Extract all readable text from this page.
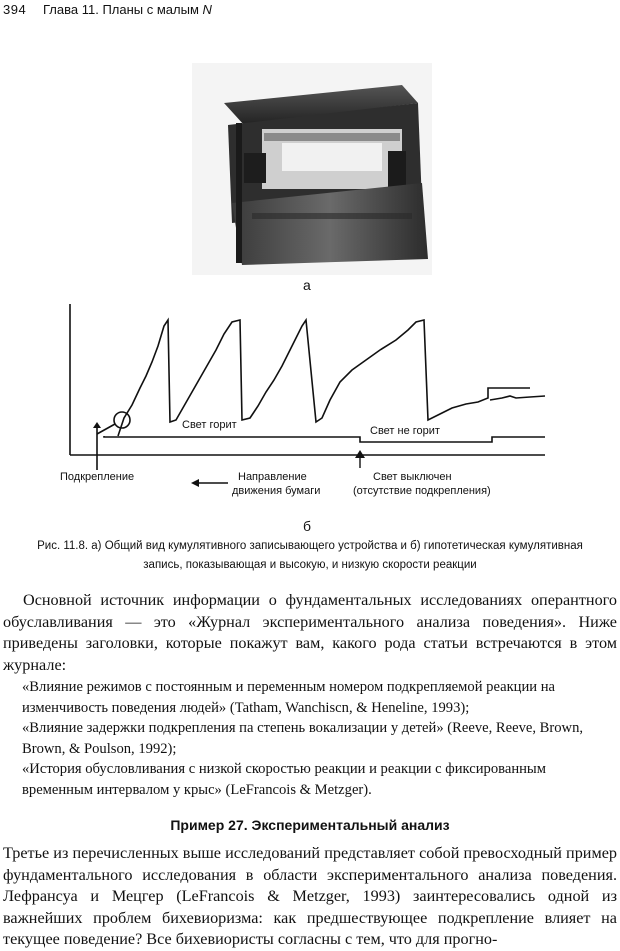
394 Глава 11. Планы с малым N
а
Свет горит	Свет не горит
Подкрепление	Направление
движения бумаги
Свет выключен
(отсутствие подкрепления)
б
Рис. 11.8. а) Общий вид кумулятивного записывающего устройства и б) гипотетическая кумулятивная
запись, показывающая и высокую, и низкую скорости реакции
Основной источник информации о фундаментальных исследованиях оперантного обуславливания — это «Журнал экспериментального анализа поведения». Ниже приведены заголовки, которые покажут вам, какого рода статьи встречаются в этом журнале:

«Влияние режимов с постоянным и переменным номером подкрепляемой реакции на изменчивость поведения людей» (Tatham, Wanchiscn, & Heneline, 1993);

«Влияние задержки подкрепления па степень вокализации у детей» (Reeve, Reeve, Brown, Brown, & Poulson, 1992);

«История обусловливания с низкой скоростью реакции и реакции с фиксированным временным интервалом у крыс» (LeFrancois & Metzger).

Пример 27. Экспериментальный анализ
Третье из перечисленных выше исследований представляет собой превосходный пример фундаментального исследования в области экспериментального анализа поведения. Лефрансуа и Мецгер (LeFrancois & Metzger, 1993) заинтересовались одной из важнейших проблем бихевиоризма: как предшествующее подкрепление влияет на текущее поведение? Все бихевиористы согласны с тем, что для прогно-
